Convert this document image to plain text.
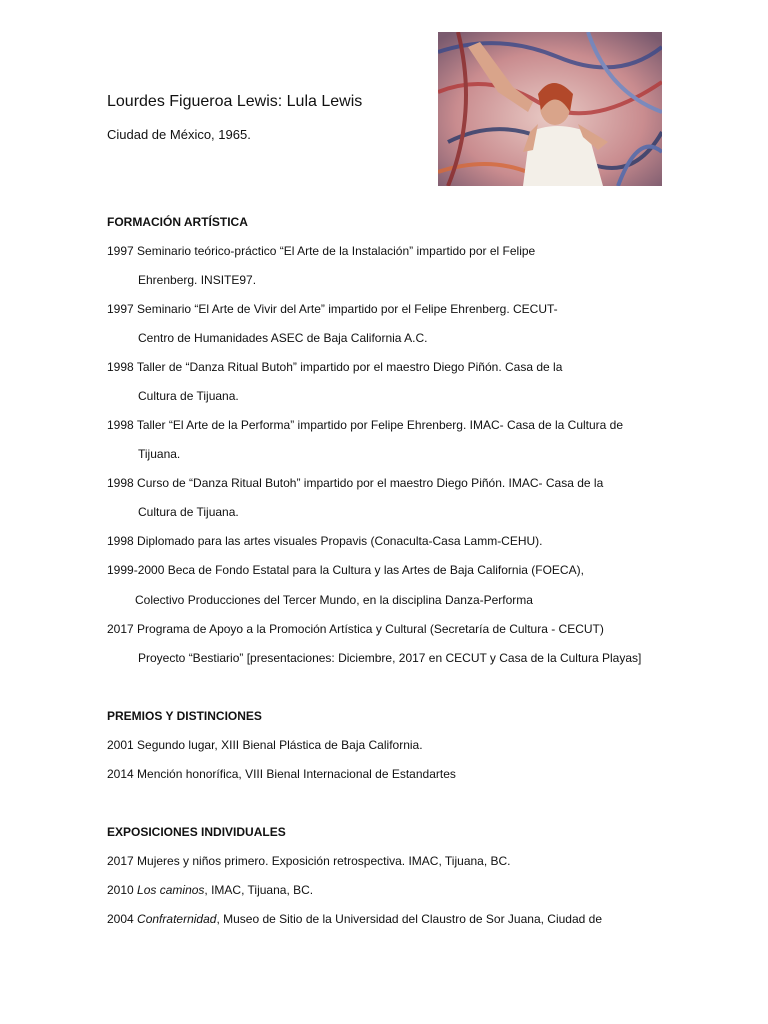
Lourdes Figueroa Lewis: Lula Lewis
Ciudad de México, 1965.
FORMACIÓN ARTÍSTICA
1997 Seminario teórico-práctico “El Arte de la Instalación” impartido por el Felipe
Ehrenberg. INSITE97.
1997 Seminario “El Arte de Vivir del Arte” impartido por el Felipe Ehrenberg. CECUT-
Centro de Humanidades ASEC de Baja California A.C.
1998 Taller de “Danza Ritual Butoh” impartido por el maestro Diego Piñón. Casa de la
Cultura de Tijuana.
1998 Taller “El Arte de la Performa” impartido por Felipe Ehrenberg. IMAC- Casa de la Cultura de
Tijuana.
1998 Curso de “Danza Ritual Butoh” impartido por el maestro Diego Piñón. IMAC- Casa de la
Cultura de Tijuana.
1998 Diplomado para las artes visuales Propavis (Conaculta-Casa Lamm-CEHU).
1999-2000 Beca de Fondo Estatal para la Cultura y las Artes de Baja California (FOECA),
Colectivo Producciones del Tercer Mundo, en la disciplina Danza-Performa
2017 Programa de Apoyo a la Promoción Artística y Cultural (Secretaría de Cultura - CECUT)
Proyecto “Bestiario” [presentaciones: Diciembre, 2017 en CECUT y Casa de la Cultura Playas]
PREMIOS Y DISTINCIONES
2001 Segundo lugar, XIII Bienal Plástica de Baja California.
2014 Mención honorífica, VIII Bienal Internacional de Estandartes
EXPOSICIONES INDIVIDUALES
2017 Mujeres y niños primero. Exposición retrospectiva. IMAC, Tijuana, BC.
2010 Los caminos, IMAC, Tijuana, BC.
2004 Confraternidad, Museo de Sitio de la Universidad del Claustro de Sor Juana, Ciudad de
